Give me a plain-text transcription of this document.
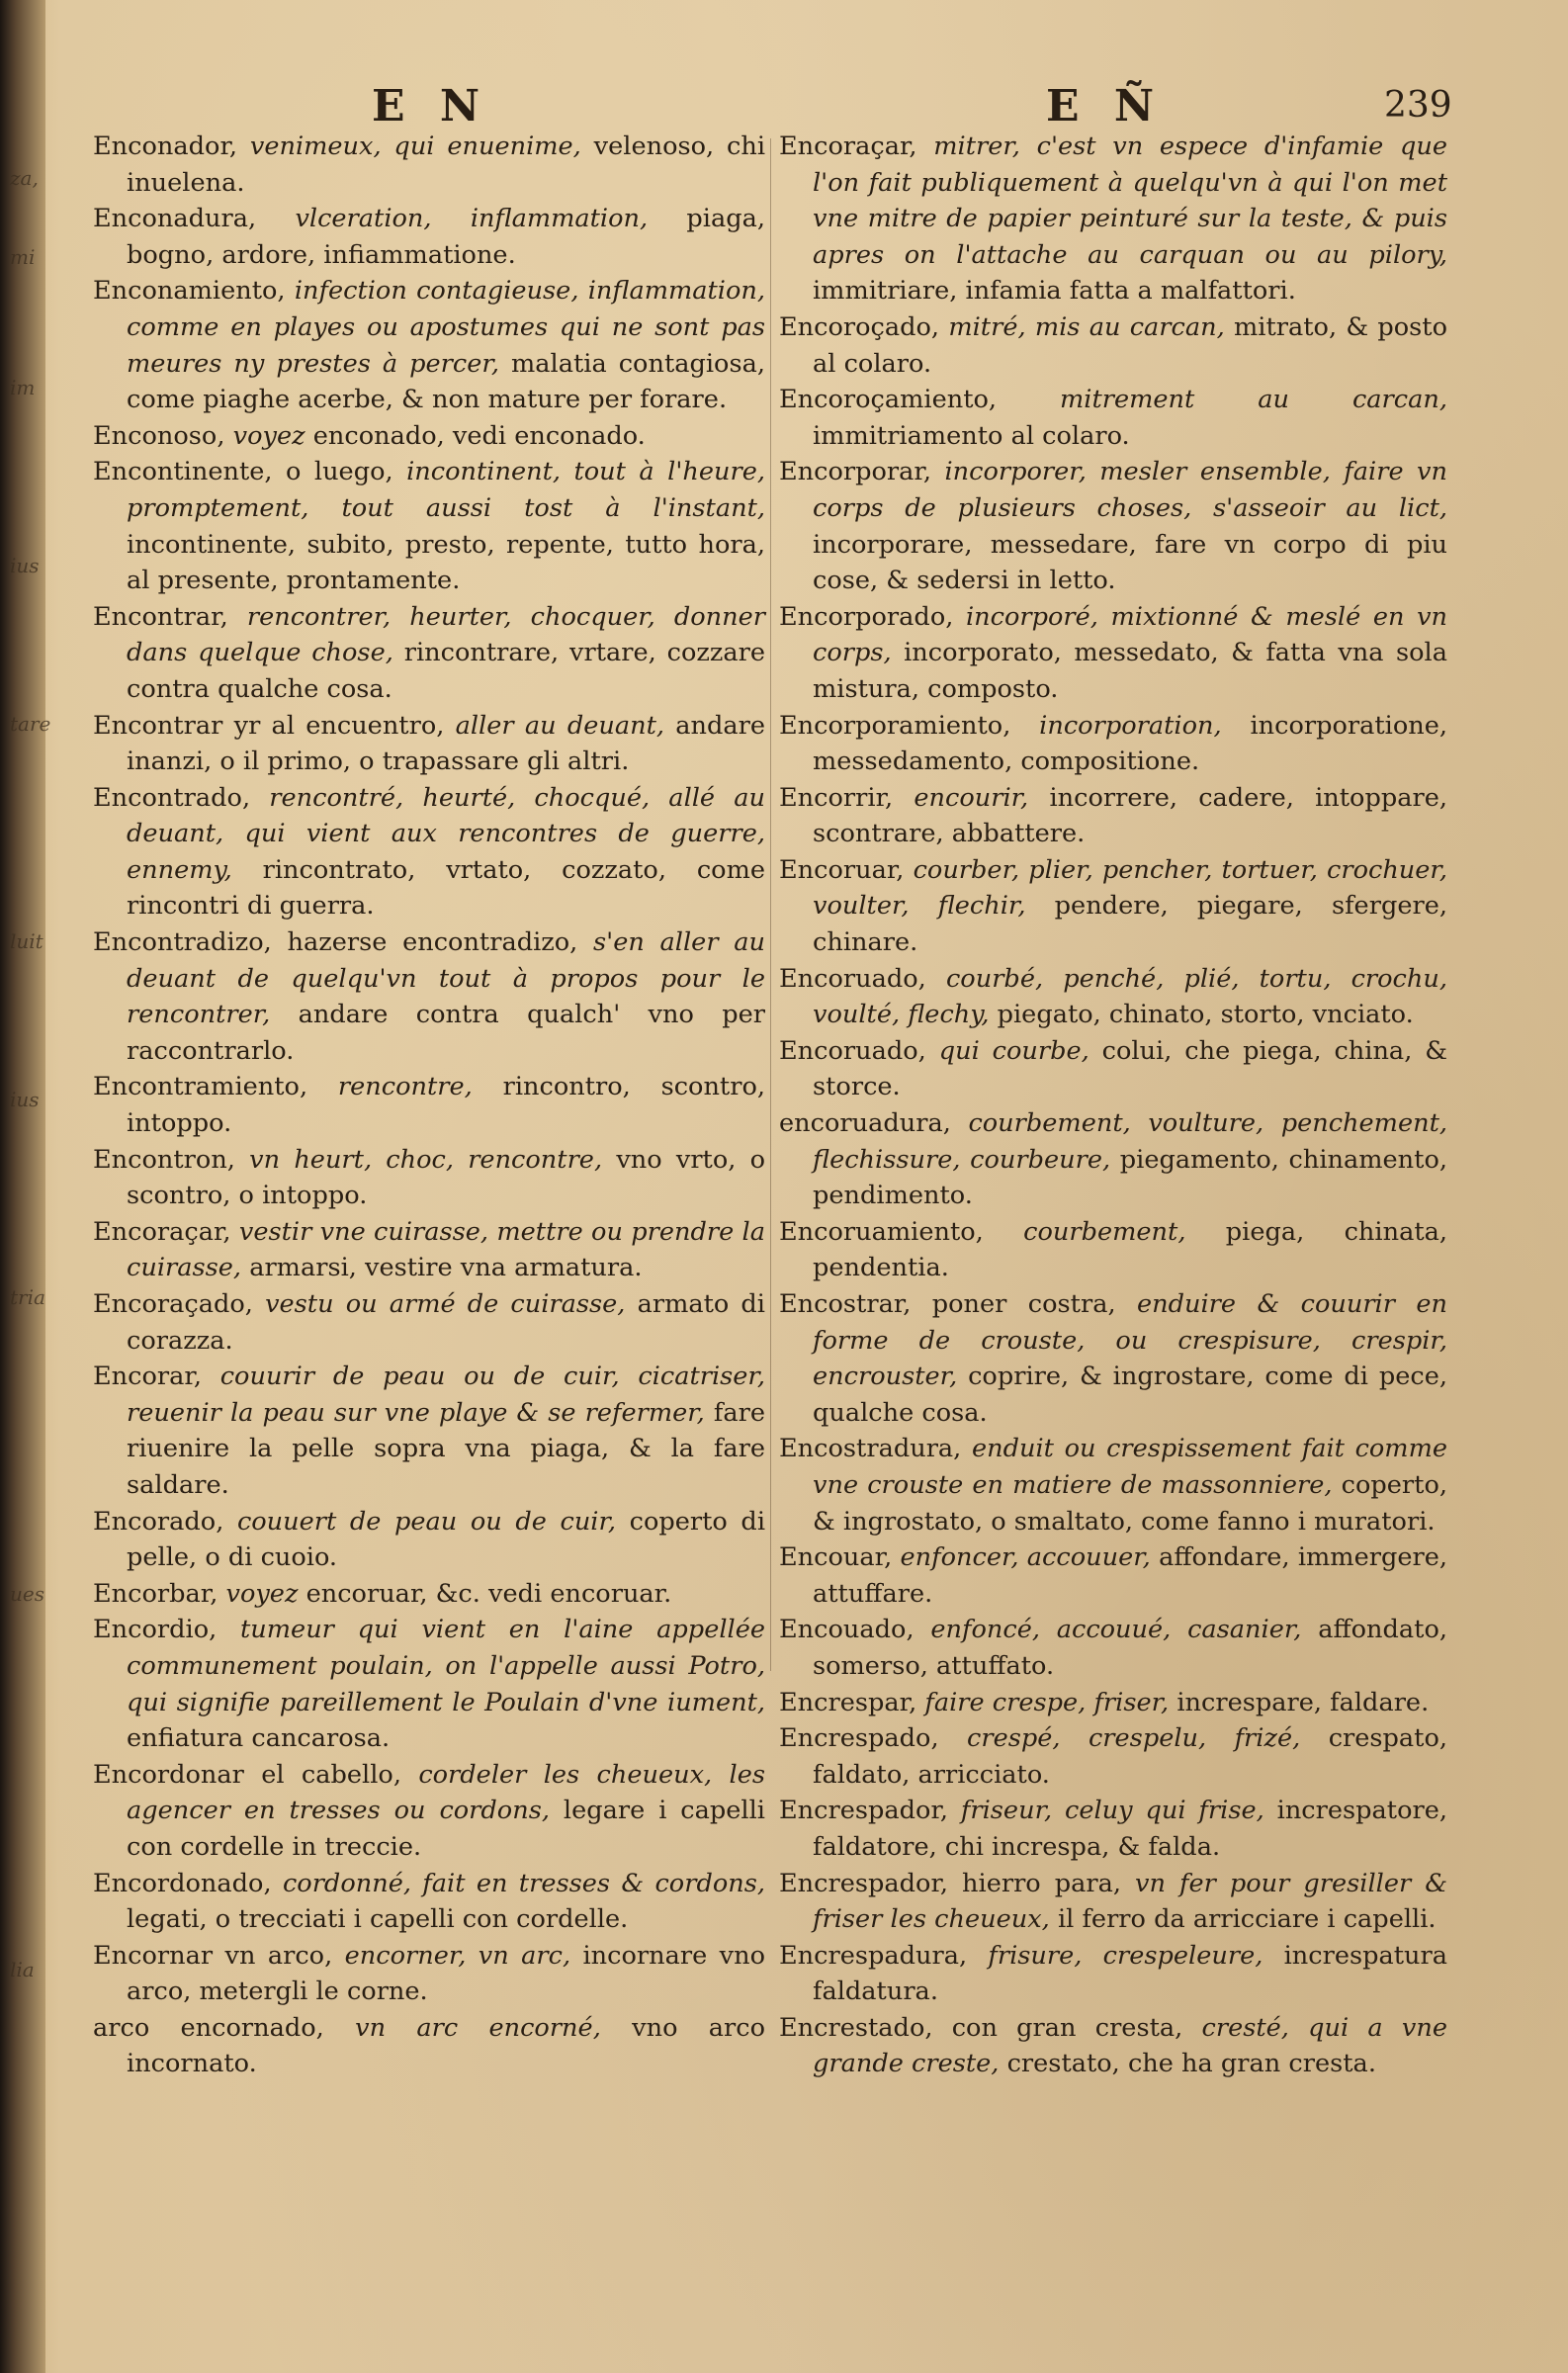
za,
mi
im
ius
tare
luit
ius
tria
ues
lia
E N	E Ñ	239
Enconador, venimeux, qui enuenime, velenoso, chi inuelena.
Enconadura, vlceration, inflammation, piaga, bogno, ardore, infiammatione.
Enconamiento, infection contagieuse, inflammation, comme en playes ou apostumes qui ne sont pas meures ny prestes à percer, malatia contagiosa, come piaghe acerbe, & non mature per forare.
Enconoso, voyez enconado, vedi enconado.
Encontinente, o luego, incontinent, tout à l'heure, promptement, tout aussi tost à l'instant, incontinente, subito, presto, repente, tutto hora, al presente, prontamente.
Encontrar, rencontrer, heurter, chocquer, donner dans quelque chose, rincontrare, vrtare, cozzare contra qualche cosa.
Encontrar yr al encuentro, aller au deuant, andare inanzi, o il primo, o trapassare gli altri.
Encontrado, rencontré, heurté, chocqué, allé au deuant, qui vient aux rencontres de guerre, ennemy, rincontrato, vrtato, cozzato, come rincontri di guerra.
Encontradizo, hazerse encontradizo, s'en aller au deuant de quelqu'vn tout à propos pour le rencontrer, andare contra qualch' vno per raccontrarlo.
Encontramiento, rencontre, rincontro, scontro, intoppo.
Encontron, vn heurt, choc, rencontre, vno vrto, o scontro, o intoppo.
Encoraçar, vestir vne cuirasse, mettre ou prendre la cuirasse, armarsi, vestire vna armatura.
Encoraçado, vestu ou armé de cuirasse, armato di corazza.
Encorar, couurir de peau ou de cuir, cicatriser, reuenir la peau sur vne playe & se refermer, fare riuenire la pelle sopra vna piaga, & la fare saldare.
Encorado, couuert de peau ou de cuir, coperto di pelle, o di cuoio.
Encorbar, voyez encoruar, &c. vedi encoruar.
Encordio, tumeur qui vient en l'aine appellée communement poulain, on l'appelle aussi Potro, qui signifie pareillement le Poulain d'vne iument, enfiatura cancarosa.
Encordonar el cabello, cordeler les cheueux, les agencer en tresses ou cordons, legare i capelli con cordelle in treccie.
Encordonado, cordonné, fait en tresses & cordons, legati, o trecciati i capelli con cordelle.
Encornar vn arco, encorner, vn arc, incornare vno arco, metergli le corne.
arco encornado, vn arc encorné, vno arco incornato.
Encoraçar, mitrer, c'est vn espece d'infamie que l'on fait publiquement à quelqu'vn à qui l'on met vne mitre de papier peinturé sur la teste, & puis apres on l'attache au carquan ou au pilory, immitriare, infamia fatta a malfattori.
Encoroçado, mitré, mis au carcan, mitrato, & posto al colaro.
Encoroçamiento, mitrement au carcan, immitriamento al colaro.
Encorporar, incorporer, mesler ensemble, faire vn corps de plusieurs choses, s'asseoir au lict, incorporare, messedare, fare vn corpo di piu cose, & sedersi in letto.
Encorporado, incorporé, mixtionné & meslé en vn corps, incorporato, messedato, & fatta vna sola mistura, composto.
Encorporamiento, incorporation, incorporatione, messedamento, compositione.
Encorrir, encourir, incorrere, cadere, intoppare, scontrare, abbattere.
Encoruar, courber, plier, pencher, tortuer, crochuer, voulter, flechir, pendere, piegare, sfergere, chinare.
Encoruado, courbé, penché, plié, tortu, crochu, voulté, flechy, piegato, chinato, storto, vnciato.
Encoruado, qui courbe, colui, che piega, china, & storce.
encoruadura, courbement, voulture, penchement, flechissure, courbeure, piegamento, chinamento, pendimento.
Encoruamiento, courbement, piega, chinata, pendentia.
Encostrar, poner costra, enduire & couurir en forme de crouste, ou crespisure, crespir, encrouster, coprire, & ingrostare, come di pece, qualche cosa.
Encostradura, enduit ou crespissement fait comme vne crouste en matiere de massonniere, coperto, & ingrostato, o smaltato, come fanno i muratori.
Encouar, enfoncer, accouuer, affondare, immergere, attuffare.
Encouado, enfoncé, accouué, casanier, affondato, somerso, attuffato.
Encrespar, faire crespe, friser, increspare, faldare.
Encrespado, crespé, crespelu, frizé, crespato, faldato, arricciato.
Encrespador, friseur, celuy qui frise, increspatore, faldatore, chi increspa, & falda.
Encrespador, hierro para, vn fer pour gresiller & friser les cheueux, il ferro da arricciare i capelli.
Encrespadura, frisure, crespeleure, increspatura faldatura.
Encrestado, con gran cresta, cresté, qui a vne grande creste, crestato, che ha gran cresta.
